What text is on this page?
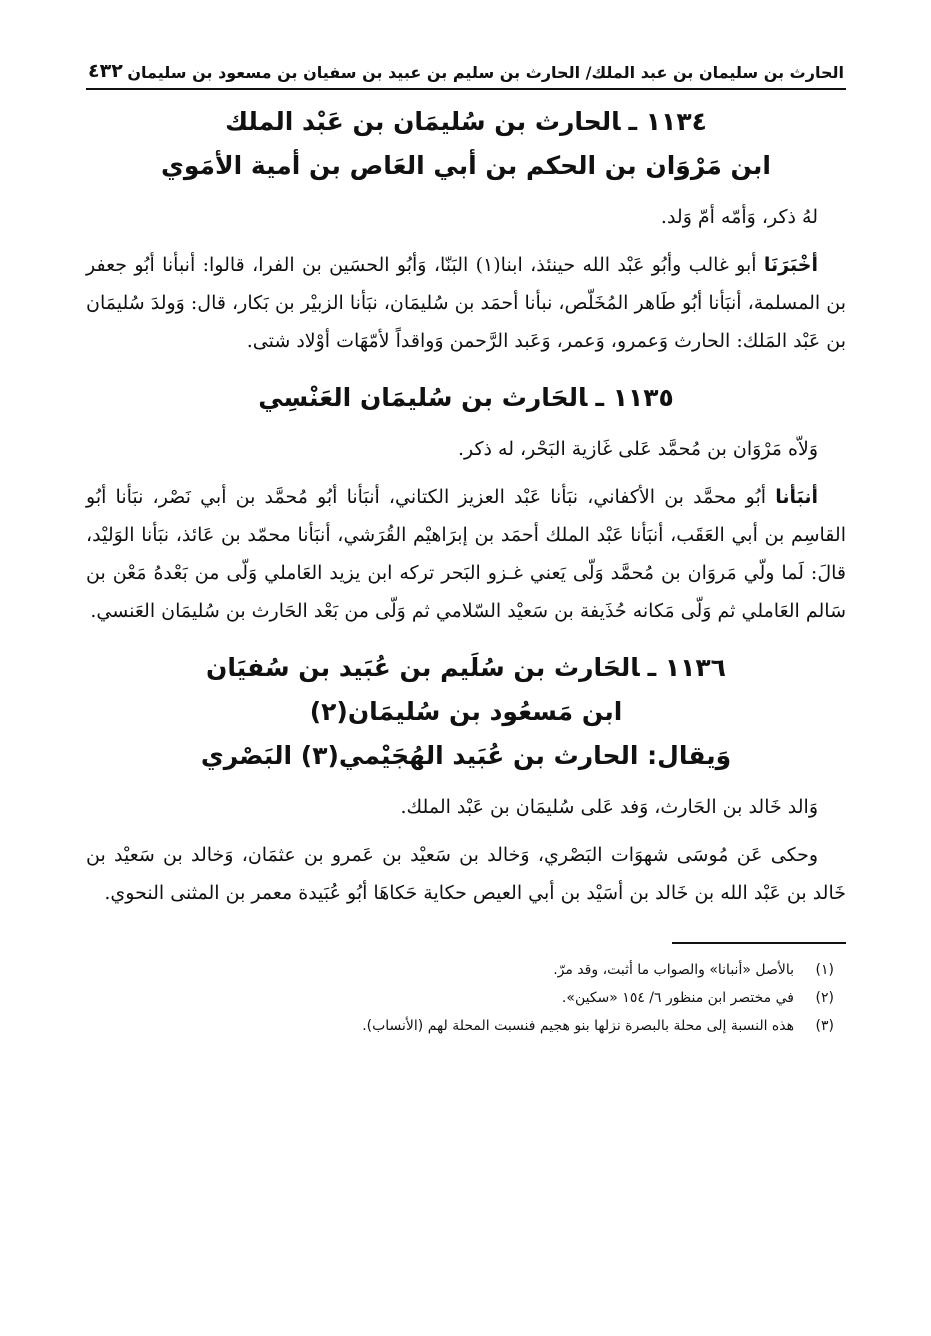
الحارث بن سليمان بن عبد الملك/ الحارث بن سليم بن عبيد بن سفيان بن مسعود بن سليمان
٤٣٢
١١٣٤ ـالحارث بن سُليمَان بن عَبْد الملك
ابن مَرْوَان بن الحكم بن أبي العَاص بن أمية الأمَوي

لهُ ذكر، وَأمّه أمّ وَلد.

أخْبَرَنَا أبو غالب وأبُو عَبْد الله حينئذ، ابنا(١) البَنّا، وَأبُو الحسَين بن الفرا، قالوا: أنبأنا أبُو جعفر بن المسلمة، أنبَأنا أبُو طَاهر المُخَلّص، نبأنا أحمَد بن سُليمَان، نبَأنا الزبيْر بن بَكار، قال: وَولدَ سُليمَان بن عَبْد المَلك: الحارث وَعمرو، وَعمر، وَعَبد الرَّحمن وَواقداً لأمّهَات أوْلاد شتى.

١١٣٥ ـالحَارث بن سُليمَان العَنْسِي

وَلاّه مَرْوَان بن مُحمَّد عَلى غَازية البَحْر، له ذكر.

أنبَأنا أبُو محمَّد بن الأكفاني، نبَأنا عَبْد العزيز الكتاني، أنبَأنا أبُو مُحمَّد بن أبي نَصْر، نبَأنا أبُو القاسِم بن أبي العَقَب، أنبَأنا عَبْد الملك أحمَد بن إبرَاهيْم القُرَشي، أنبَأنا محمّد بن عَائذ، نبَأنا الوَليْد، قالَ: لَما ولّي مَروَان بن مُحمَّد وَلّى يَعني غـزو البَحر تركه ابن يزيد العَاملي وَلّى من بَعْدهُ مَعْن بن سَالم العَاملي ثم وَلّى مَكانه حُذَيفة بن سَعيْد السّلامي ثم وَلّى من بَعْد الحَارث بن سُليمَان العَنسي.

١١٣٦ ـالحَارث بن سُلَيم بن عُبَيد بن سُفيَان
ابن مَسعُود بن سُليمَان(٢)
وَيقال: الحارث بن عُبَيد الهُجَيْمي(٣) البَصْري

وَالد خَالد بن الحَارث، وَفد عَلى سُليمَان بن عَبْد الملك.

وحكى عَن مُوسَى شهوَات البَصْري، وَخالد بن سَعيْد بن عَمرو بن عثمَان، وَخالد بن سَعيْد بن خَالد بن عَبْد الله بن خَالد بن أسَيْد بن أبي العيص حكاية حَكاهَا أبُو عُبَيدة معمر بن المثنى النحوي.

(١)
بالأصل «أنبانا» والصواب ما أثبت، وقد مرّ.
(٢)
في مختصر ابن منظور ٦/ ١٥٤ «سكين».
(٣)
هذه النسبة إلى محلة بالبصرة نزلها بنو هجيم فنسبت المحلة لهم (الأنساب).
